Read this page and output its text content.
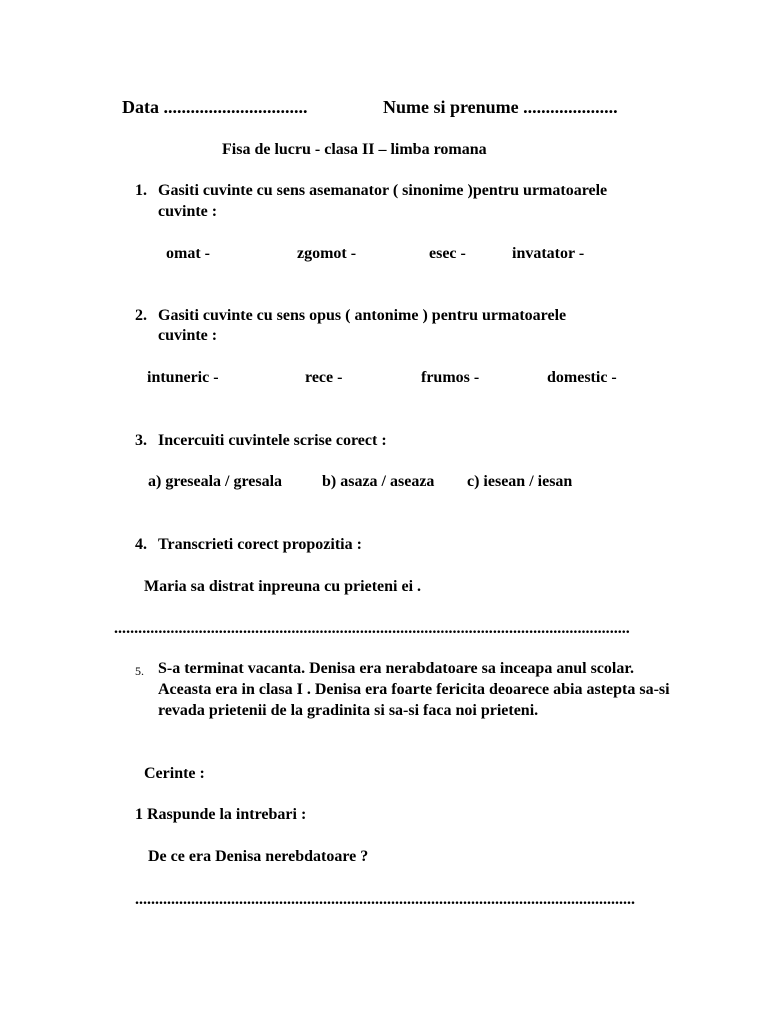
Data ................................	Nume si prenume .....................
Fisa de lucru - clasa II – limba romana
1. Gasiti cuvinte cu sens asemanator ( sinonime )pentru urmatoarele
cuvinte :
omat -	zgomot -	esec -	invatator -
2. Gasiti cuvinte cu sens opus ( antonime ) pentru urmatoarele
cuvinte :
intuneric -	rece -	frumos -	domestic -
3. Incercuiti cuvintele scrise corect :
a) greseala / gresala b) asaza / aseaza c) iesean / iesan
4. Transcrieti corect propozitia :
Maria sa distrat inpreuna cu prieteni ei .
................................................................................................................................
5. S-a terminat vacanta. Denisa era nerabdatoare sa inceapa anul scolar. Aceasta era in clasa I . Denisa era foarte fericita deoarece abia astepta sa-si revada prietenii de la gradinita si sa-si faca noi prieteni.
Cerinte :
1 Raspunde la intrebari :
De ce era Denisa nerebdatoare ?
.............................................................................................................................
